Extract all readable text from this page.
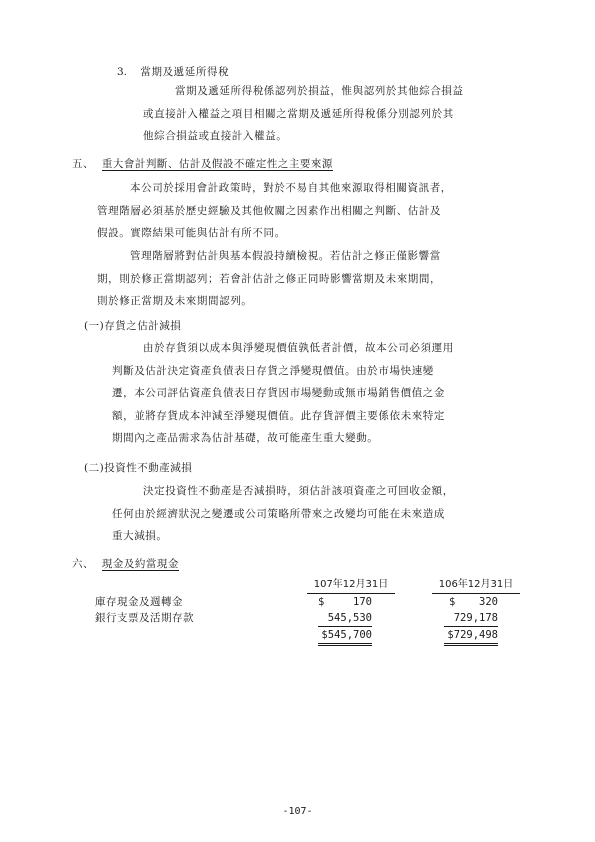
3. 當期及遞延所得稅
當期及遞延所得稅係認列於損益，惟與認列於其他綜合損益
或直接計入權益之項目相關之當期及遞延所得稅係分別認列於其
他綜合損益或直接計入權益。
五、 重大會計判斷、估計及假設不確定性之主要來源
本公司於採用會計政策時，對於不易自其他來源取得相關資訊者，
管理階層必須基於歷史經驗及其他攸關之因素作出相關之判斷、估計及
假設。實際結果可能與估計有所不同。
管理階層將對估計與基本假設持續檢視。若估計之修正僅影響當
期，則於修正當期認列；若會計估計之修正同時影響當期及未來期間，
則於修正當期及未來期間認列。
(一)存貨之估計減損
由於存貨須以成本與淨變現價值孰低者計價，故本公司必須運用
判斷及估計決定資產負債表日存貨之淨變現價值。由於市場快速變
遷，本公司評估資產負債表日存貨因市場變動或無市場銷售價值之金
額，並將存貨成本沖減至淨變現價值。此存貨評價主要係依未來特定
期間內之產品需求為估計基礎，故可能產生重大變動。
(二)投資性不動產減損
決定投資性不動產是否減損時，須估計該項資產之可回收金額，
任何由於經濟狀況之變遷或公司策略所帶來之改變均可能在未來造成
重大減損。
六、 現金及約當現金
107年12月31日	106年12月31日
庫存現金及週轉金	$	170	$	320
銀行支票及活期存款	545,530	729,178
$545,700	$729,498
-107-
